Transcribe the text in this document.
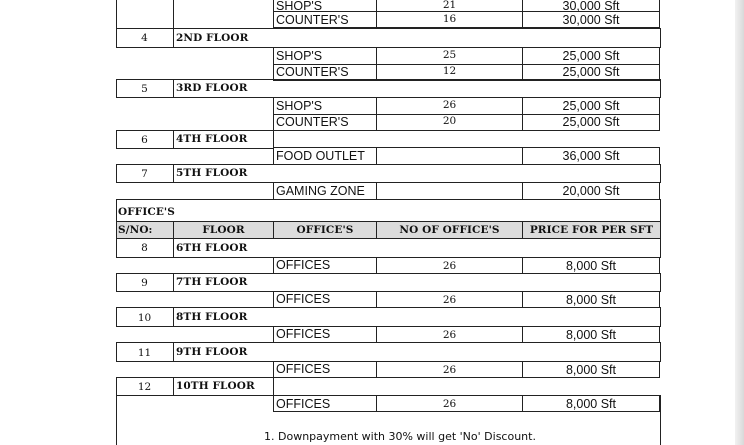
SHOP'S	21	30,000 Sft
COUNTER'S	16	30,000 Sft
4	2ND FLOOR
SHOP'S	25	25,000 Sft
COUNTER'S	12	25,000 Sft
5	3RD FLOOR
SHOP'S	26	25,000 Sft
COUNTER'S	20	25,000 Sft
6	4TH FLOOR
FOOD OUTLET	36,000 Sft
7	5TH FLOOR
GAMING ZONE	20,000 Sft
OFFICE'S
S/NO:	FLOOR	OFFICE'S	NO OF OFFICE'S	PRICE FOR PER SFT
8	6TH FLOOR
OFFICES	26	8,000 Sft
9	7TH FLOOR
OFFICES	26	8,000 Sft
10	8TH FLOOR
OFFICES	26	8,000 Sft
11	9TH FLOOR
OFFICES	26	8,000 Sft
12	10TH FLOOR
OFFICES	26	8,000 Sft
1. Downpayment with 30% will get 'No' Discount.
